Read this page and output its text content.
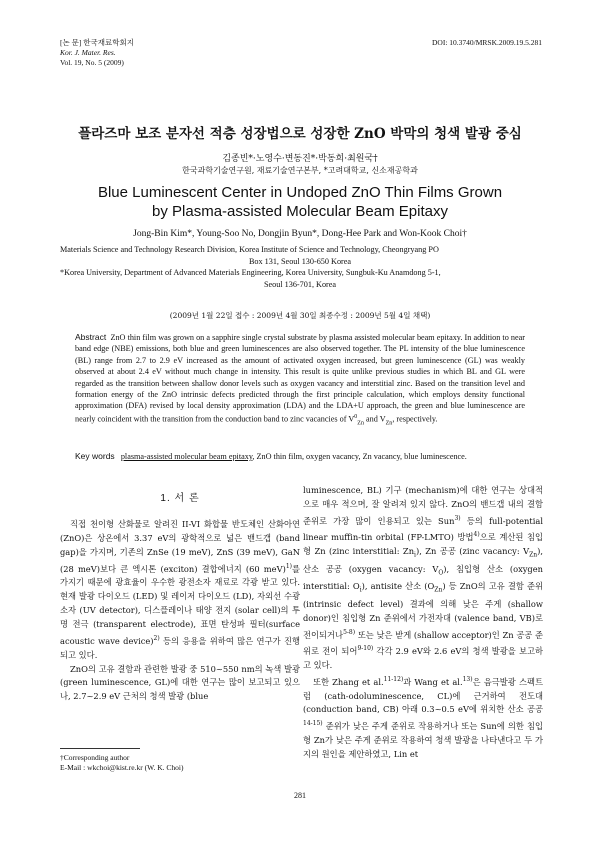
[논 문] 한국재료학회지
Kor. J. Mater. Res.
Vol. 19, No. 5 (2009)
DOI: 10.3740/MRSK.2009.19.5.281
플라즈마 보조 분자선 적층 성장법으로 성장한 ZnO 박막의 청색 발광 중심
김종빈*·노영수·변동진*·박동희·최원국†
한국과학기술연구원, 재료기술연구본부, *고려대학교, 신소재공학과
Blue Luminescent Center in Undoped ZnO Thin Films Grown
by Plasma-assisted Molecular Beam Epitaxy
Jong-Bin Kim*, Young-Soo No, Dongjin Byun*, Dong-Hee Park and Won-Kook Choi†
Materials Science and Technology Research Division, Korea Institute of Science and Technology, Cheongryang PO
Box 131, Seoul 130-650 Korea
*Korea University, Department of Advanced Materials Engineering, Korea University, Sungbuk-Ku Anamdong 5-1,
Seoul 136-701, Korea
(2009년 1월 22일 접수 : 2009년 4월 30일 최종수정 : 2009년 5월 4일 채택)
Abstract ZnO thin film was grown on a sapphire single crystal substrate by plasma assisted molecular beam epitaxy. In addition to near band edge (NBE) emissions, both blue and green luminescences are also observed together. The PL intensity of the blue luminescence (BL) range from 2.7 to 2.9 eV increased as the amount of activated oxygen increased, but green luminescence (GL) was weakly observed at about 2.4 eV without much change in intensity. This result is quite unlike previous studies in which BL and GL were regarded as the transition between shallow donor levels such as oxygen vacancy and interstitial zinc. Based on the transition level and formation energy of the ZnO intrinsic defects predicted through the first principle calculation, which employs density functional approximation (DFA) revised by local density approximation (LDA) and the LDA+U approach, the green and blue luminescence are nearly coincident with the transition from the conduction band to zinc vacancies of $V^0_{Zn}$ and $V_{Zn}$, respectively.
Key words plasma-assisted molecular beam epitaxy, ZnO thin film, oxygen vacancy, Zn vacancy, blue luminescence.
1. 서 론

직접 천이형 산화물로 알려진 II-VI 화합물 반도체인 산화아연 (ZnO)은 상온에서 3.37 eV의 광학적으로 넓은 밴드갭 (band gap)을 가지며, 기존의 ZnSe (19 meV), ZnS (39 meV), GaN (28 meV)보다 큰 엑시톤 (exciton) 결합에너지 (60 meV)$^{1)}$를 가지기 때문에 광효율이 우수한 광전소자 재료로 각광 받고 있다. 현재 발광 다이오드 (LED) 및 레이저 다이오드 (LD), 자외선 수광소자 (UV detector), 디스플레이나 태양 전지 (solar cell)의 투명 전극 (transparent electrode), 표면 탄성파 필터(surface acoustic wave device)$^{2)}$ 등의 응용을 위하여 많은 연구가 진행되고 있다.

ZnO의 고유 결함과 관련한 발광 중 510~550 nm의 녹색 발광 (green luminescence, GL)에 대한 연구는 많이 보고되고 있으나, 2.7~2.9 eV 근처의 청색 발광 (blue

luminescence, BL) 기구 (mechanism)에 대한 연구는 상대적으로 매우 적으며, 잘 알려져 있지 않다. ZnO의 밴드갭 내의 결함 준위로 가장 많이 인용되고 있는 Sun$^{3)}$ 등의 full-potential linear muffin-tin orbital (FP-LMTO) 방법$^{4)}$으로 계산된 침입형 Zn (zinc interstitial: $Zn_i$), Zn 공공 (zinc vacancy: $V_{Zn}$), 산소 공공 (oxygen vacancy: $V_O$), 침입형 산소 (oxygen interstitial: $O_i$), antisite 산소 $(O_{Zn})$ 등 ZnO의 고유 결함 준위 (intrinsic defect level) 결과에 의해 낮은 주게 (shallow donor)인 침입형 Zn 준위에서 가전자대 (valence band, VB)로 전이되거나$^{5-8)}$ 또는 낮은 받게 (shallow acceptor)인 Zn 공공 준위로 전이 되어$^{9-10)}$ 각각 2.9 eV와 2.6 eV의 청색 발광을 보고하고 있다.

또한 Zhang et al.$^{11-12)}$과 Wang et al.$^{13)}$은 음극발광 스펙트럼 (cath-odoluminescence, CL)에 근거하여 전도대 (conduction band, CB) 아래 0.3~0.5 eV에 위치한 산소 공공$^{14-15)}$ 준위가 낮은 주게 준위로 작용하거나 또는 Sun에 의한 침입형 Zn가 낮은 주게 준위로 작용하여 청색 발광을 나타낸다고 두 가지의 원인을 제안하였고, Lin et

†Corresponding author
E-Mail : wkchoi@kist.re.kr (W. K. Choi)
281
